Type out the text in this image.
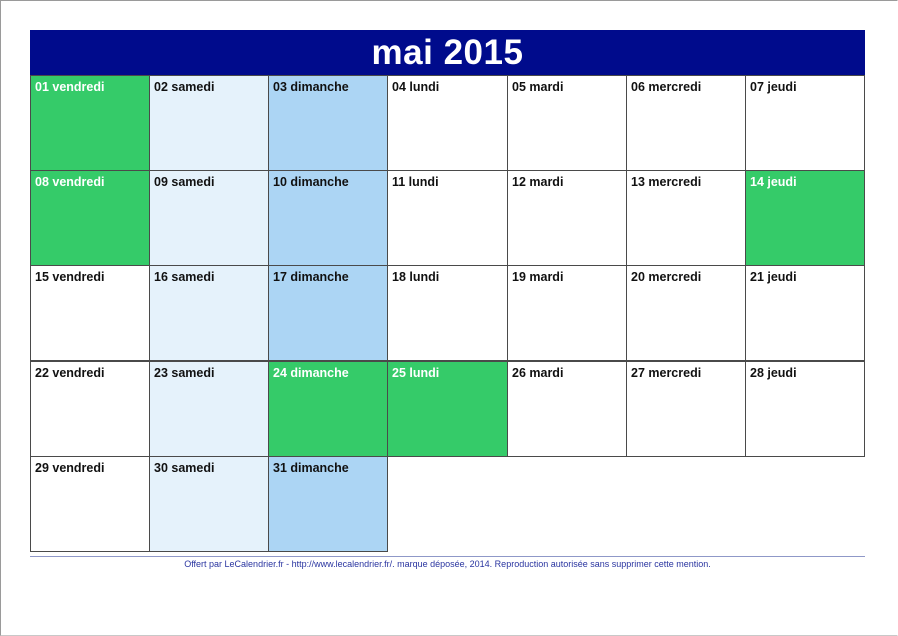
mai 2015
01 vendredi	02 samedi	03 dimanche	04 lundi	05 mardi	06 mercredi	07 jeudi
08 vendredi	09 samedi	10 dimanche	11 lundi	12 mardi	13 mercredi	14 jeudi
15 vendredi	16 samedi	17 dimanche	18 lundi	19 mardi	20 mercredi	21 jeudi
22 vendredi	23 samedi	24 dimanche	25 lundi	26 mardi	27 mercredi	28 jeudi
29 vendredi	30 samedi	31 dimanche
Offert par LeCalendrier.fr - http://www.lecalendrier.fr/. marque déposée, 2014. Reproduction autorisée sans supprimer cette mention.
